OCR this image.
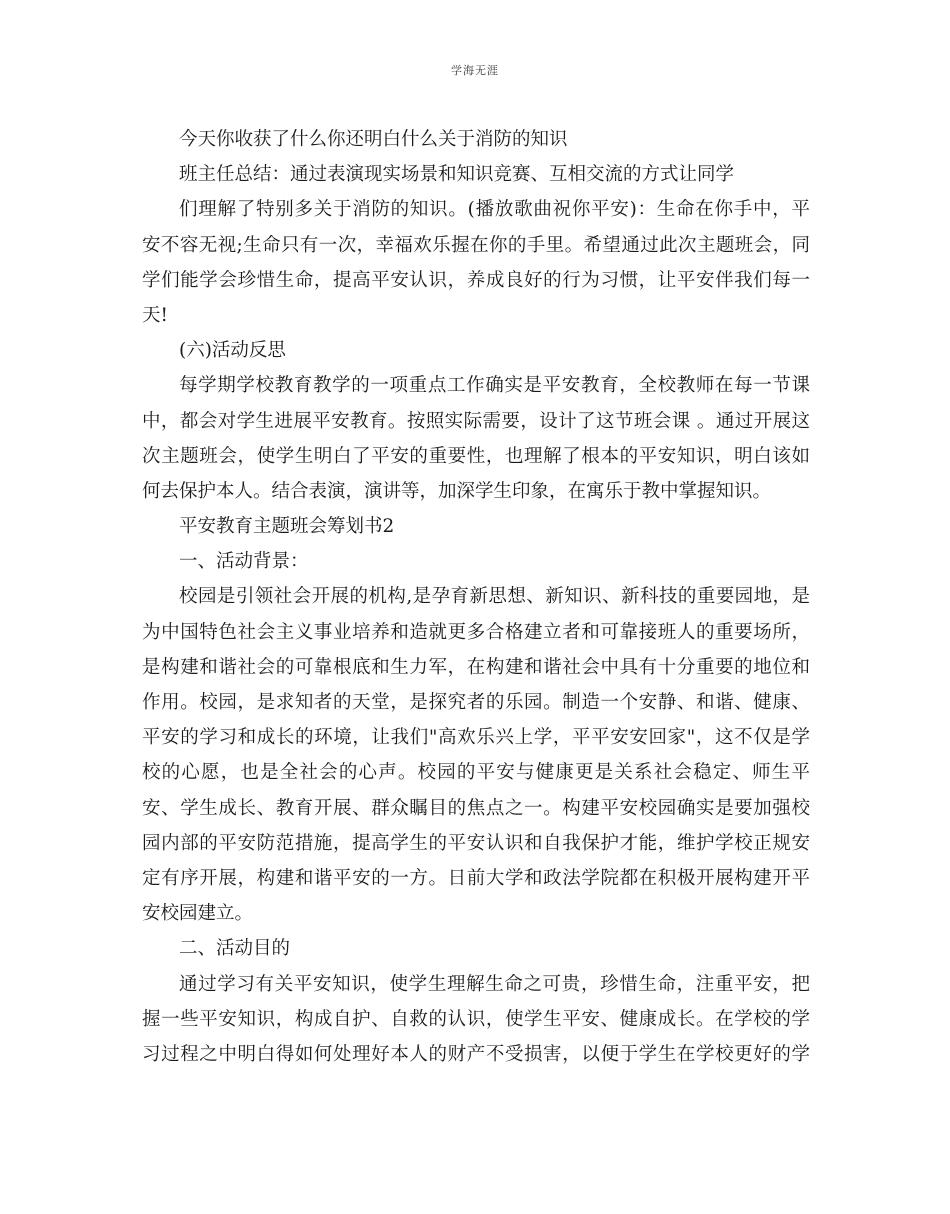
学海无涯
今天你收获了什么你还明白什么关于消防的知识
班主任总结：通过表演现实场景和知识竞赛、互相交流的方式让同学
们理解了特别多关于消防的知识。(播放歌曲祝你平安)：生命在你手中，平
安不容无视;生命只有一次，幸福欢乐握在你的手里。希望通过此次主题班会，同
学们能学会珍惜生命，提高平安认识，养成良好的行为习惯，让平安伴我们每一
天!
(六)活动反思
每学期学校教育教学的一项重点工作确实是平安教育，全校教师在每一节课
中，都会对学生进展平安教育。按照实际需要，设计了这节班会课 。通过开展这
次主题班会，使学生明白了平安的重要性，也理解了根本的平安知识，明白该如
何去保护本人。结合表演，演讲等，加深学生印象，在寓乐于教中掌握知识。
平安教育主题班会筹划书2
一、活动背景：
校园是引领社会开展的机构,是孕育新思想、新知识、新科技的重要园地，是
为中国特色社会主义事业培养和造就更多合格建立者和可靠接班人的重要场所，
是构建和谐社会的可靠根底和生力军，在构建和谐社会中具有十分重要的地位和
作用。校园，是求知者的天堂，是探究者的乐园。制造一个安静、和谐、健康、
平安的学习和成长的环境，让我们"高欢乐兴上学，平平安安回家"，这不仅是学
校的心愿，也是全社会的心声。校园的平安与健康更是关系社会稳定、师生平
安、学生成长、教育开展、群众瞩目的焦点之一。构建平安校园确实是要加强校
园内部的平安防范措施，提高学生的平安认识和自我保护才能，维护学校正规安
定有序开展，构建和谐平安的一方。日前大学和政法学院都在积极开展构建开平
安校园建立。
二、活动目的
通过学习有关平安知识，使学生理解生命之可贵，珍惜生命，注重平安，把
握一些平安知识，构成自护、自救的认识，使学生平安、健康成长。在学校的学
习过程之中明白得如何处理好本人的财产不受损害，以便于学生在学校更好的学
